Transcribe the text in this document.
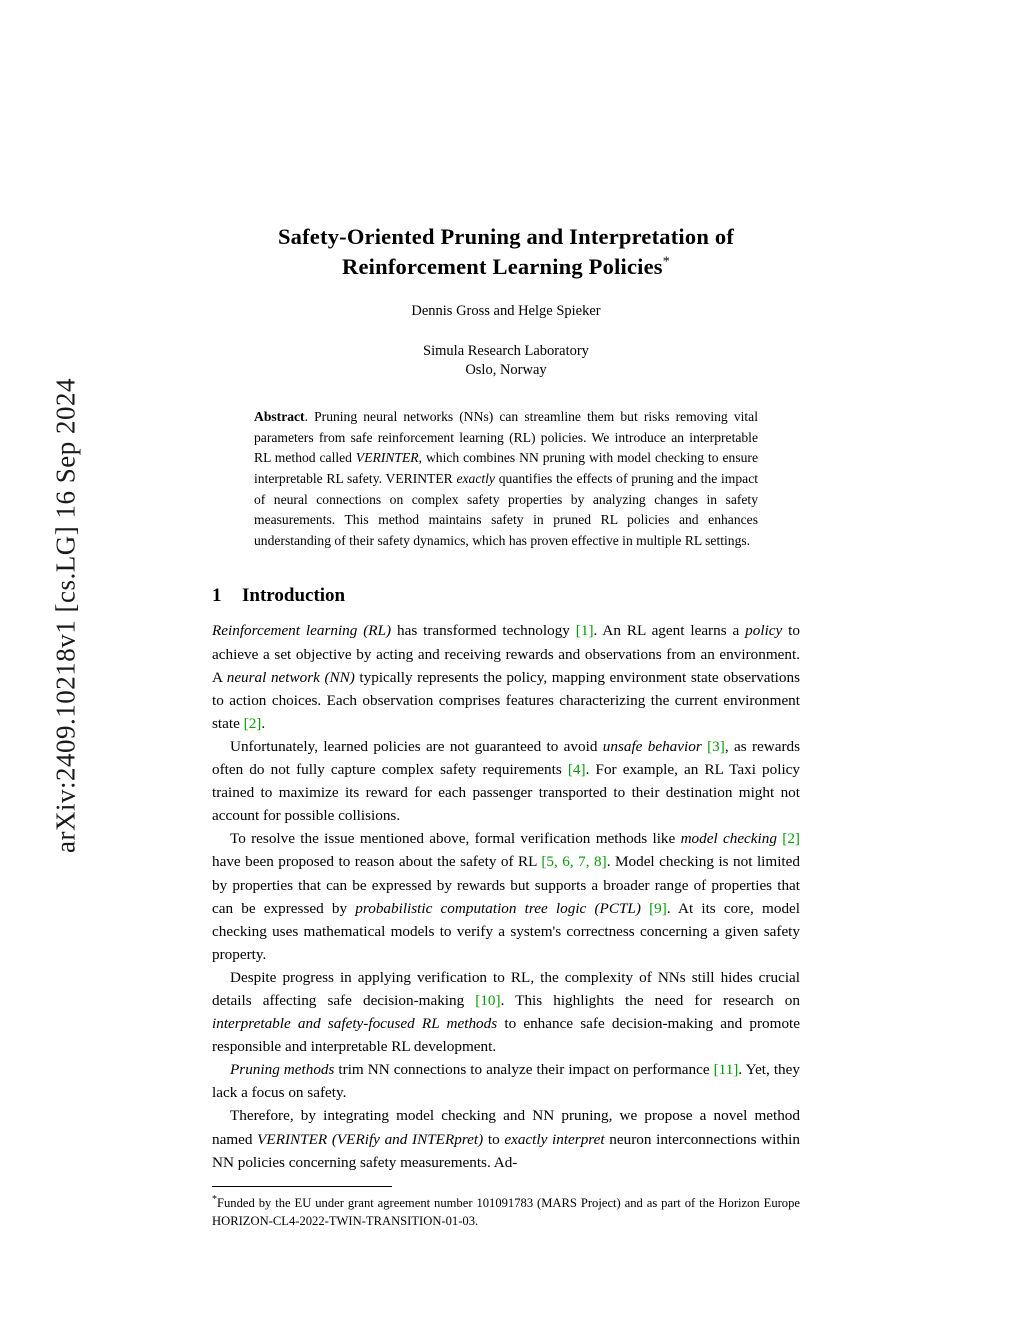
arXiv:2409.10218v1 [cs.LG] 16 Sep 2024
Safety-Oriented Pruning and Interpretation of
Reinforcement Learning Policies*
Dennis Gross and Helge Spieker
Simula Research Laboratory
Oslo, Norway
Abstract. Pruning neural networks (NNs) can streamline them but risks removing vital parameters from safe reinforcement learning (RL) policies. We introduce an interpretable RL method called VERINTER, which combines NN pruning with model checking to ensure interpretable RL safety. VERINTER exactly quantifies the effects of pruning and the impact of neural connections on complex safety properties by analyzing changes in safety measurements. This method maintains safety in pruned RL policies and enhances understanding of their safety dynamics, which has proven effective in multiple RL settings.
1 Introduction

Reinforcement learning (RL) has transformed technology [1]. An RL agent learns a policy to achieve a set objective by acting and receiving rewards and observations from an environment. A neural network (NN) typically represents the policy, mapping environment state observations to action choices. Each observation comprises features characterizing the current environment state [2].

Unfortunately, learned policies are not guaranteed to avoid unsafe behavior [3], as rewards often do not fully capture complex safety requirements [4]. For example, an RL Taxi policy trained to maximize its reward for each passenger transported to their destination might not account for possible collisions.

To resolve the issue mentioned above, formal verification methods like model checking [2] have been proposed to reason about the safety of RL [5, 6, 7, 8]. Model checking is not limited by properties that can be expressed by rewards but supports a broader range of properties that can be expressed by probabilistic computation tree logic (PCTL) [9]. At its core, model checking uses mathematical models to verify a system's correctness concerning a given safety property.

Despite progress in applying verification to RL, the complexity of NNs still hides crucial details affecting safe decision-making [10]. This highlights the need for research on interpretable and safety-focused RL methods to enhance safe decision-making and promote responsible and interpretable RL development.

Pruning methods trim NN connections to analyze their impact on performance [11]. Yet, they lack a focus on safety.

Therefore, by integrating model checking and NN pruning, we propose a novel method named VERINTER (VERify and INTERpret) to exactly interpret neuron interconnections within NN policies concerning safety measurements. Ad-

*Funded by the EU under grant agreement number 101091783 (MARS Project) and as part of the Horizon Europe HORIZON-CL4-2022-TWIN-TRANSITION-01-03.
